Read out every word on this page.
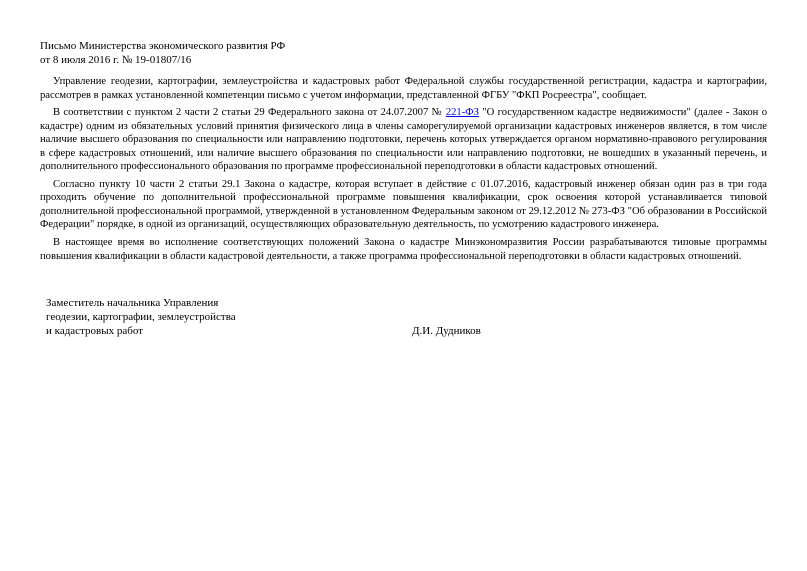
Письмо Министерства экономического развития РФ
от 8 июля 2016 г. № 19-01807/16

Управление геодезии, картографии, землеустройства и кадастровых работ Федеральной службы государственной регистрации, кадастра и картографии, рассмотрев в рамках установленной компетенции письмо с учетом информации, представленной ФГБУ "ФКП Росреестра", сообщает.

В соответствии с пунктом 2 части 2 статьи 29 Федерального закона от 24.07.2007 № 221-ФЗ "О государственном кадастре недвижимости" (далее - Закон о кадастре) одним из обязательных условий принятия физического лица в члены саморегулируемой организации кадастровых инженеров является, в том числе наличие высшего образования по специальности или направлению подготовки, перечень которых утверждается органом нормативно-правового регулирования в сфере кадастровых отношений, или наличие высшего образования по специальности или направлению подготовки, не вошедших в указанный перечень, и дополнительного профессионального образования по программе профессиональной переподготовки в области кадастровых отношений.

Согласно пункту 10 части 2 статьи 29.1 Закона о кадастре, которая вступает в действие с 01.07.2016, кадастровый инженер обязан один раз в три года проходить обучение по дополнительной профессиональной программе повышения квалификации, срок освоения которой устанавливается типовой дополнительной профессиональной программой, утвержденной в установленном Федеральным законом от 29.12.2012 № 273-ФЗ "Об образовании в Российской Федерации" порядке, в одной из организаций, осуществляющих образовательную деятельность, по усмотрению кадастрового инженера.

В настоящее время во исполнение соответствующих положений Закона о кадастре Минэкономразвития России разрабатываются типовые программы повышения квалификации в области кадастровой деятельности, а также программа профессиональной переподготовки в области кадастровых отношений.

Заместитель начальника Управления
геодезии, картографии, землеустройства
и кадастровых работ	Д.И. Дудников
